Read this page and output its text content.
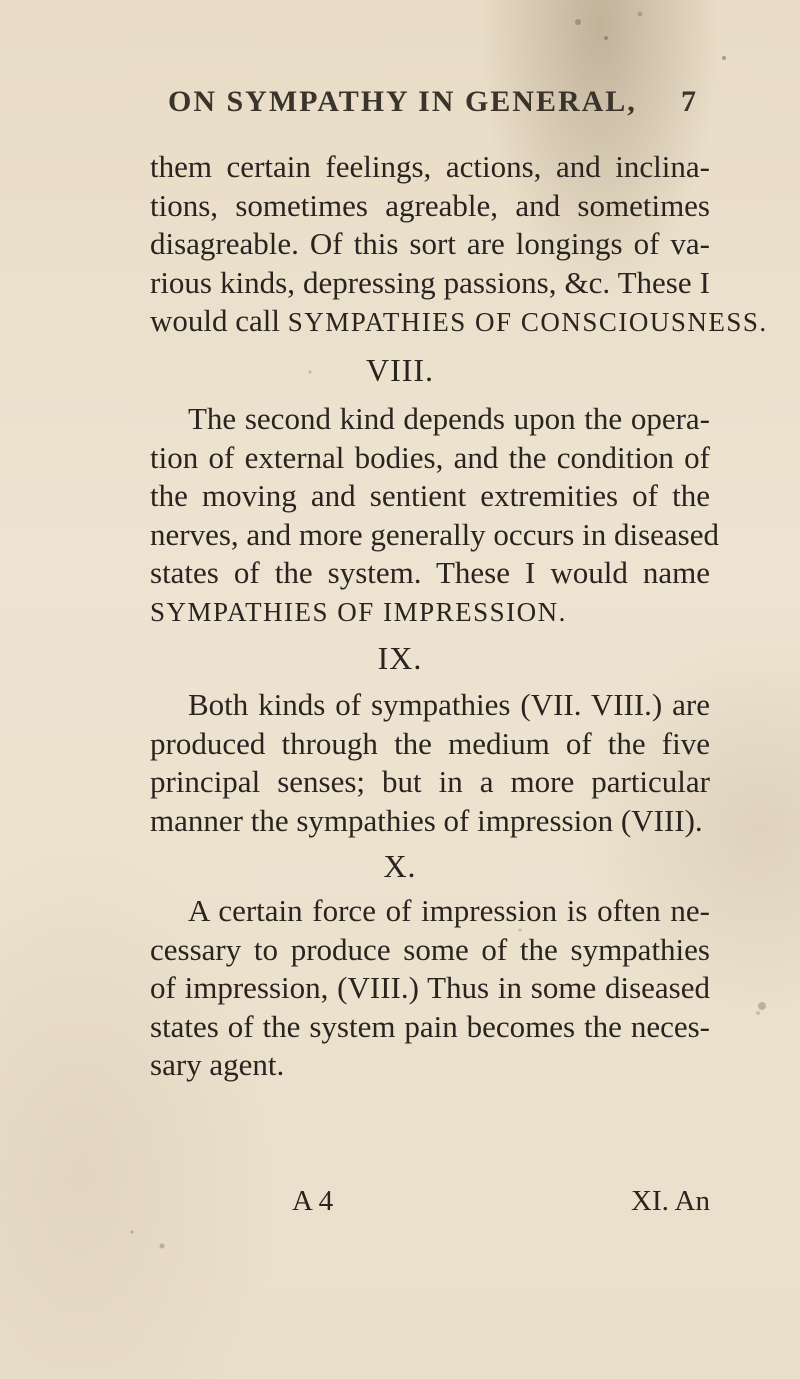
ON SYMPATHY IN GENERAL, 7
them certain feelings, actions, and inclina-
tions, sometimes agreable, and sometimes
disagreable. Of this sort are longings of va-
rious kinds, depressing passions, &c. These I
would call SYMPATHIES OF CONSCIOUSNESS.
VIII.
The second kind depends upon the opera-
tion of external bodies, and the condition of
the moving and sentient extremities of the
nerves, and more generally occurs in diseased
states of the system. These I would name
SYMPATHIES OF IMPRESSION.
IX.
Both kinds of sympathies (VII. VIII.) are
produced through the medium of the five
principal senses; but in a more particular
manner the sympathies of impression (VIII).
X.
A certain force of impression is often ne-
cessary to produce some of the sympathies
of impression, (VIII.) Thus in some diseased
states of the system pain becomes the neces-
sary agent.
A 4	XI. An
